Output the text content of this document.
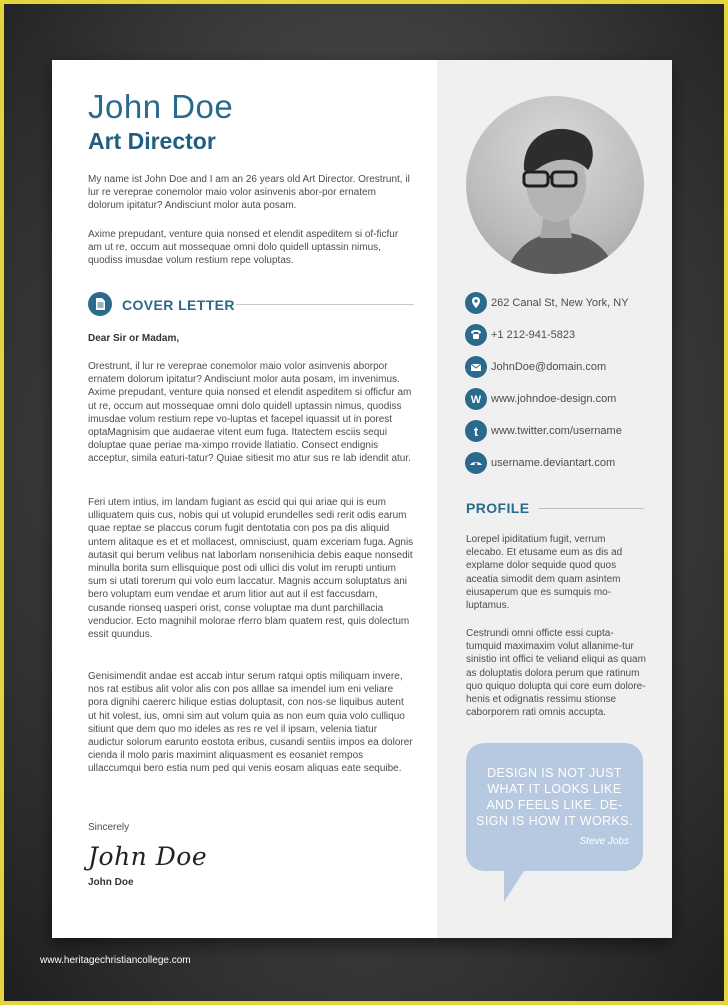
John Doe
Art Director

My name ist John Doe and I am an 26 years old Art Director. Orestrunt, il lur re vereprae conemolor maio volor asinvenis abor-por ernatem dolorum ipitatur? Andisciunt molor auta posam.

Axime prepudant, venture quia nonsed et elendit aspeditem si of-ficfur am ut re, occum aut mossequae omni dolo quidell uptassin nimus, quodiss imusdae volum restium repe voluptas.

COVER LETTER
Dear Sir or Madam,

Orestrunt, il lur re vereprae conemolor maio volor asinvenis aborpor ernatem dolorum ipitatur? Andisciunt molor auta posam, im invenimus. Axime prepudant, venture quia nonsed et elendit aspeditem si officfur am ut re, occum aut mossequae omni dolo quidell uptassin nimus, quodiss imusdae volum restium repe vo-luptas et facepel iquassit ut in porest optaMagnisim que audaerae vitent eum fuga. Itatectem esciis sequi doluptae quae periae ma-ximpo rrovide llatiatio. Consect endignis acceptur, simila eaturi-tatur? Quiae sitiesit mo atur sus re lab idendit atur.

Feri utem intius, im landam fugiant as escid qui qui ariae qui is eum ulliquatem quis cus, nobis qui ut volupid erundelles sedi rerit odis earum quae reptae se placcus corum fugit dentotatia con pos pa dis aliquid untem alitaque es et et mollacest, omnisciust, quam exceriam fuga. Agnis autasit qui berum velibus nat laborlam nonsenihicia debis eaque nonsedit minulla borita sum ellisquique post odi ullici dis volut im rerupti untium sum si utati torerum qui volo eum laccatur. Magnis accum soluptatus ani bero voluptam eum vendae et arum litior aut aut il est faccusdam, cusande rionseq uasperi orist, conse voluptae ma dunt parchillacia venducior. Ecto magnihil molorae rferro blam quatem rest, quis dolectum essit quundus.

Genisimendit andae est accab intur serum ratqui optis miliquam invere, nos rat estibus alit volor alis con pos alllae sa imendel ium eni veliare pora dignihi caererc hilique estias doluptasit, con nos-se liquibus autent ut hit volest, ius, omni sim aut volum quia as non eum quia volo culliquo sitiunt que dem quo mo ideles as res re vel il ipsam, velenia tiatur audictur solorum earunto eostota eribus, cusandi sentiis impos ea dolorer cienda il molo paris maximint aliquasment es eosaniet rempos ullaccumqui bero estia num ped qui venis eosam aliquas eate sequibe.

Sincerely
John Doe
John Doe
262 Canal St, New York, NY
+1 212-941-5823
JohnDoe@domain.com
W www.johndoe-design.com
t www.twitter.com/username
username.deviantart.com
PROFILE

Lorepel ipiditatium fugit, verrum elecabo. Et etusame eum as dis ad explame dolor sequide quod quos aceatia simodit dem quam asintem eiusaperum que es sumquis mo-luptamus.

Cestrundi omni officte essi cupta-tumquid maximaxim volut allanime-tur sinistio int offici te veliand eliqui as quam as doluptatis dolora perum que ratinum quo quiquo dolupta qui core eum dolore-henis et odignatis ressimu stionse caborporem rati omnis accupta.

DESIGN IS NOT JUST WHAT IT LOOKS LIKE AND FEELS LIKE. DE-SIGN IS HOW IT WORKS.

Steve Jobs
www.heritagechristiancollege.com
